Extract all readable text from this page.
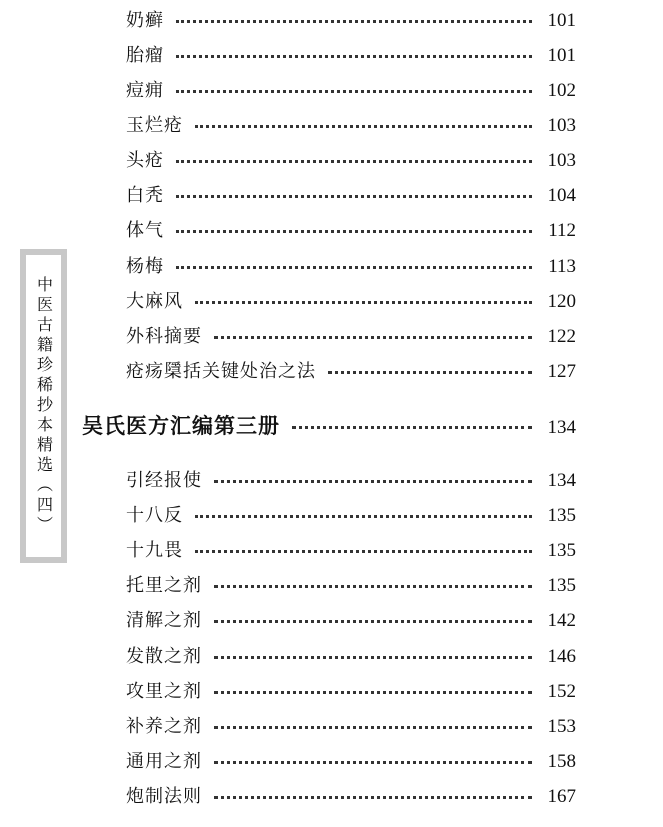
中医古籍珍稀抄本精选（四）
奶癣	101
胎瘤	101
痘痈	102
玉烂疮	103
头疮	103
白秃	104
体气	112
杨梅	113
大麻风	120
外科摘要	122
疮疡檃括关键处治之法	127
吴氏医方汇编第三册	134
引经报使	134
十八反	135
十九畏	135
托里之剂	135
清解之剂	142
发散之剂	146
攻里之剂	152
补养之剂	153
通用之剂	158
炮制法则	167
